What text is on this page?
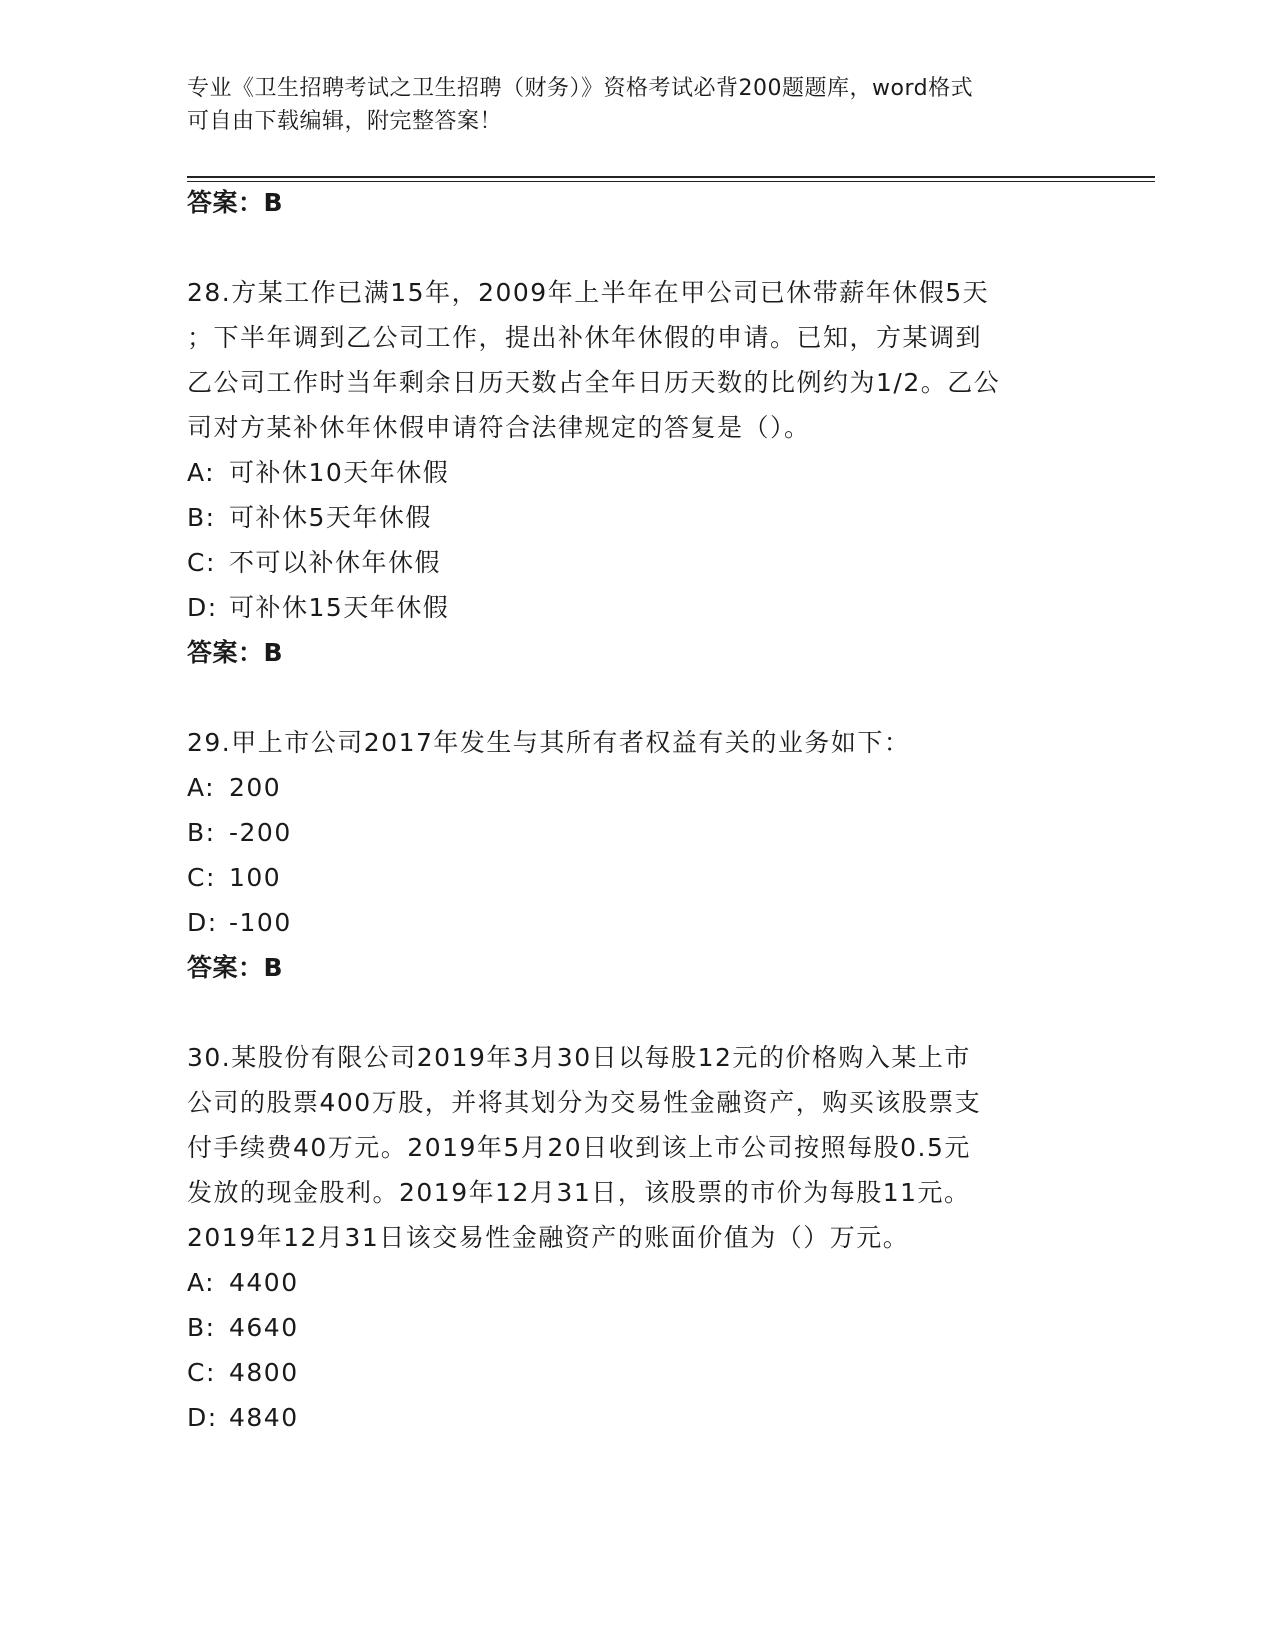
专业《卫生招聘考试之卫生招聘（财务）》资格考试必背200题题库，word格式
可自由下载编辑，附完整答案！
答案：B
28.方某工作已满15年，2009年上半年在甲公司已休带薪年休假5天
；下半年调到乙公司工作，提出补休年休假的申请。已知，方某调到
乙公司工作时当年剩余日历天数占全年日历天数的比例约为1/2。乙公
司对方某补休年休假申请符合法律规定的答复是（）。
A: 可补休10天年休假
B: 可补休5天年休假
C: 不可以补休年休假
D: 可补休15天年休假
答案：B
29.甲上市公司2017年发生与其所有者权益有关的业务如下：
A: 200
B: -200
C: 100
D: -100
答案：B
30.某股份有限公司2019年3月30日以每股12元的价格购入某上市
公司的股票400万股，并将其划分为交易性金融资产，购买该股票支
付手续费40万元。2019年5月20日收到该上市公司按照每股0.5元
发放的现金股利。2019年12月31日，该股票的市价为每股11元。
2019年12月31日该交易性金融资产的账面价值为（）万元。
A: 4400
B: 4640
C: 4800
D: 4840
